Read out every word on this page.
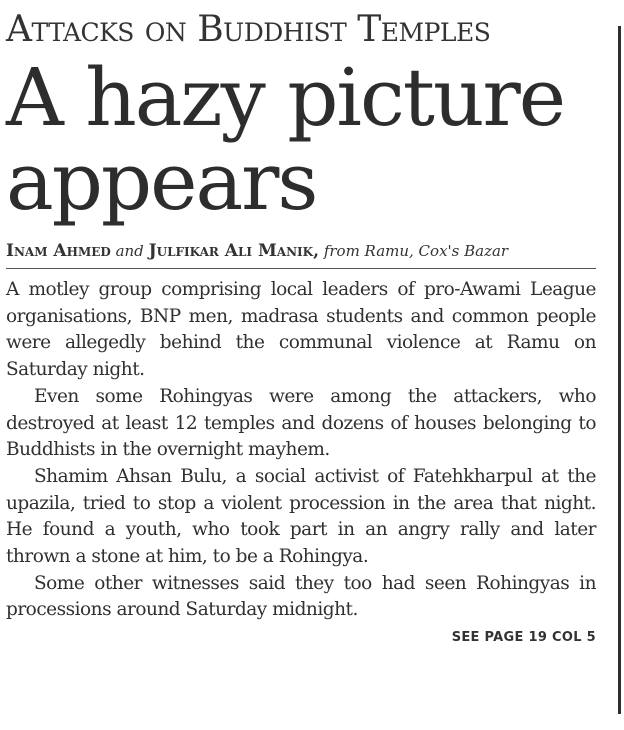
Attacks on Buddhist Temples
A hazy picture appears
Inam Ahmed and Julfikar Ali Manik, from Ramu, Cox's Bazar

A motley group comprising local leaders of pro-Awami League organisations, BNP men, madrasa students and common people were allegedly behind the communal violence at Ramu on Saturday night.

Even some Rohingyas were among the attackers, who destroyed at least 12 temples and dozens of houses belonging to Buddhists in the overnight mayhem.

Shamim Ahsan Bulu, a social activist of Fatehkharpul at the upazila, tried to stop a violent procession in the area that night. He found a youth, who took part in an angry rally and later thrown a stone at him, to be a Rohingya.

Some other witnesses said they too had seen Rohingyas in processions around Saturday midnight.

SEE PAGE 19 COL 5
